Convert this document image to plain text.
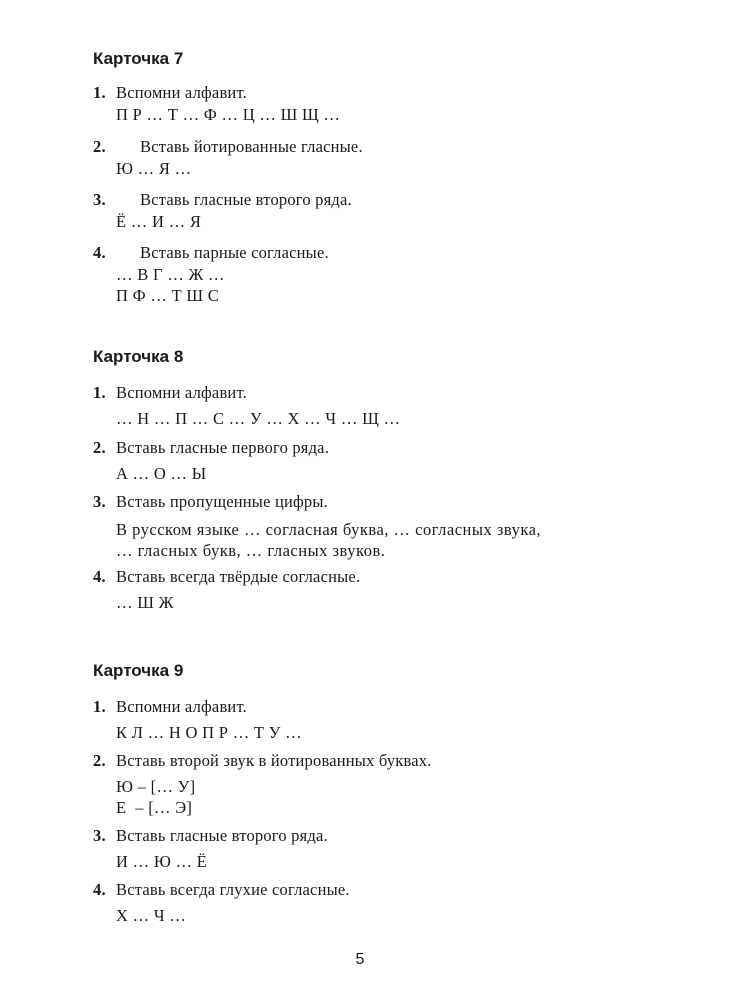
Карточка 7
1. Вспомни алфавит.
П Р … Т … Ф … Ц … Ш Щ …
2. Вставь йотированные гласные.
Ю … Я …
3. Вставь гласные второго ряда.
Ё … И … Я
4. Вставь парные согласные.
… В Г … Ж …
П Ф … Т Ш С
Карточка 8
1. Вспомни алфавит.
… Н … П … С … У … Х … Ч … Щ …
2. Вставь гласные первого ряда.
А … О … Ы
3. Вставь пропущенные цифры.
В русском языке … согласная буква, … согласных звука,
… гласных букв, … гласных звуков.
4. Вставь всегда твёрдые согласные.
… Ш Ж
Карточка 9
1. Вспомни алфавит.
К Л … Н О П Р … Т У …
2. Вставь второй звук в йотированных буквах.
Ю – [… У]
Е  – [… Э]
3. Вставь гласные второго ряда.
И … Ю … Ё
4. Вставь всегда глухие согласные.
Х … Ч …
5
